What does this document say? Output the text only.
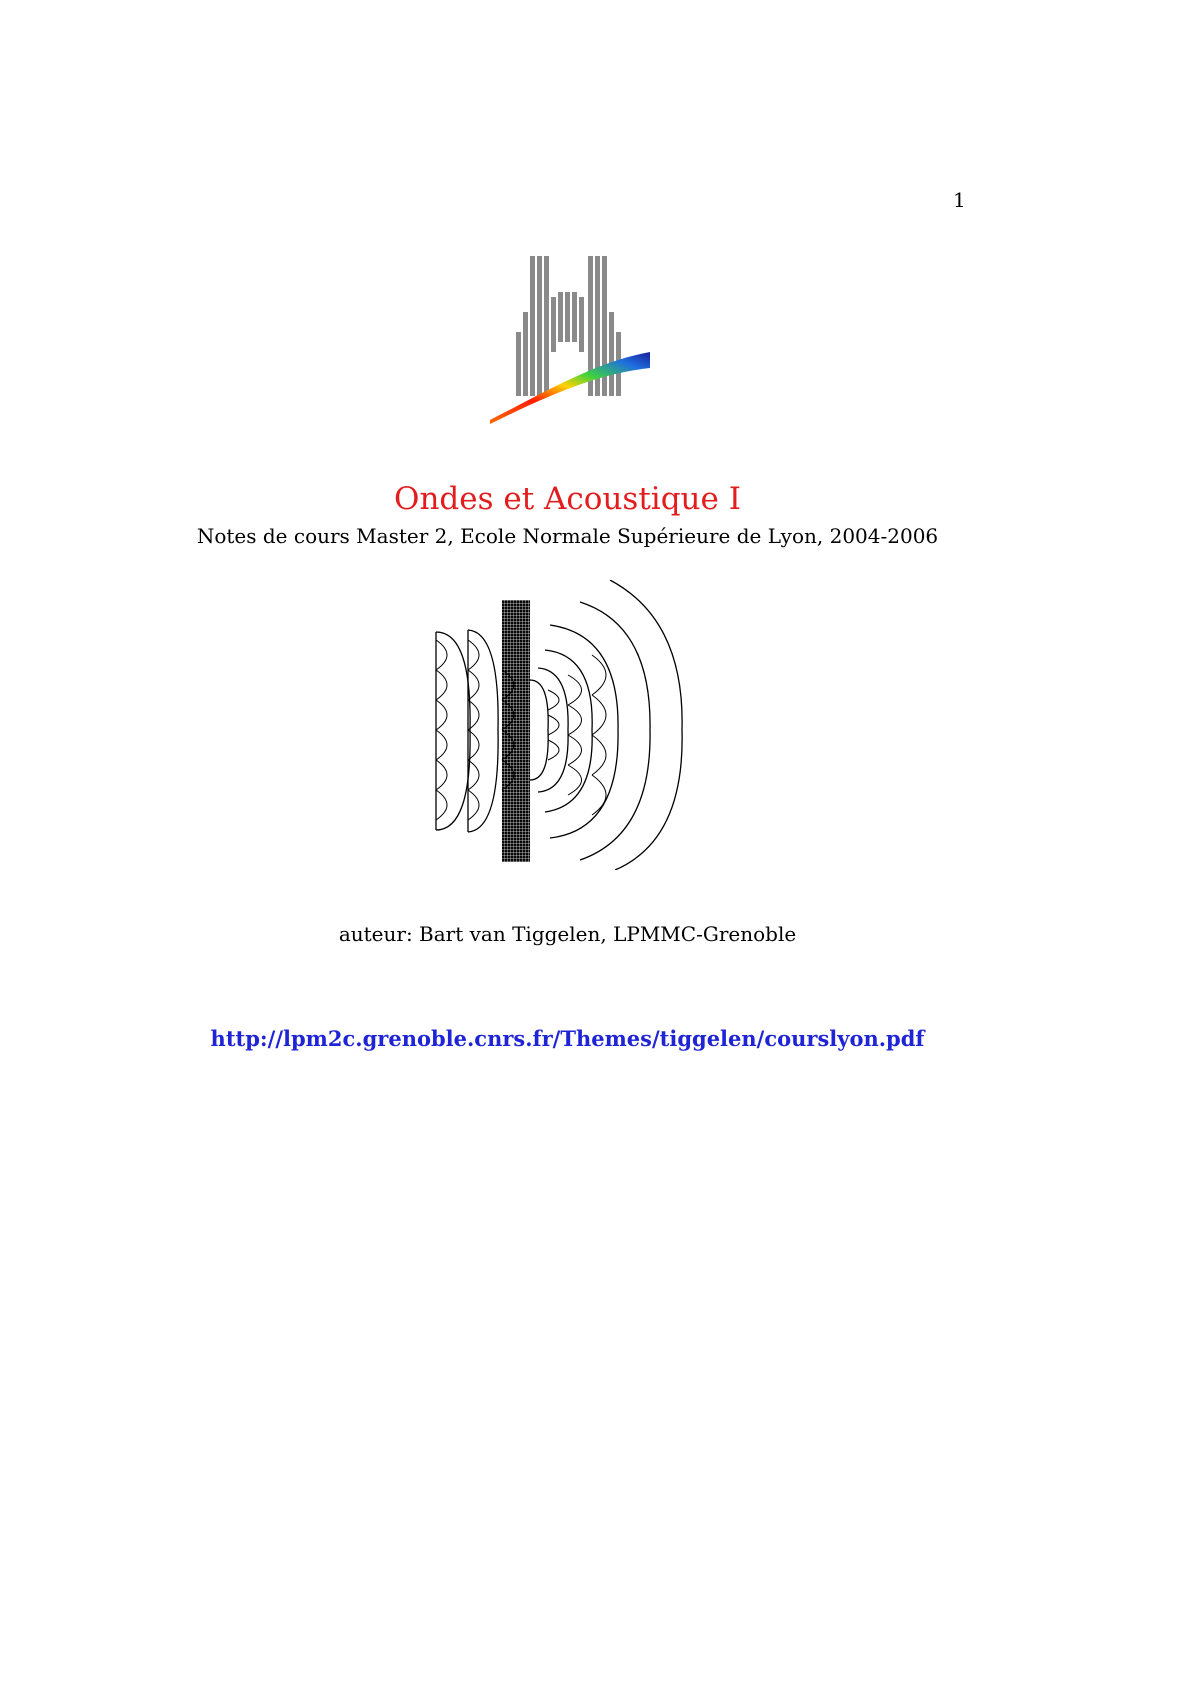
1
Ondes et Acoustique I
Notes de cours Master 2, Ecole Normale Supérieure de Lyon, 2004-2006
auteur: Bart van Tiggelen, LPMMC-Grenoble
http://lpm2c.grenoble.cnrs.fr/Themes/tiggelen/courslyon.pdf
